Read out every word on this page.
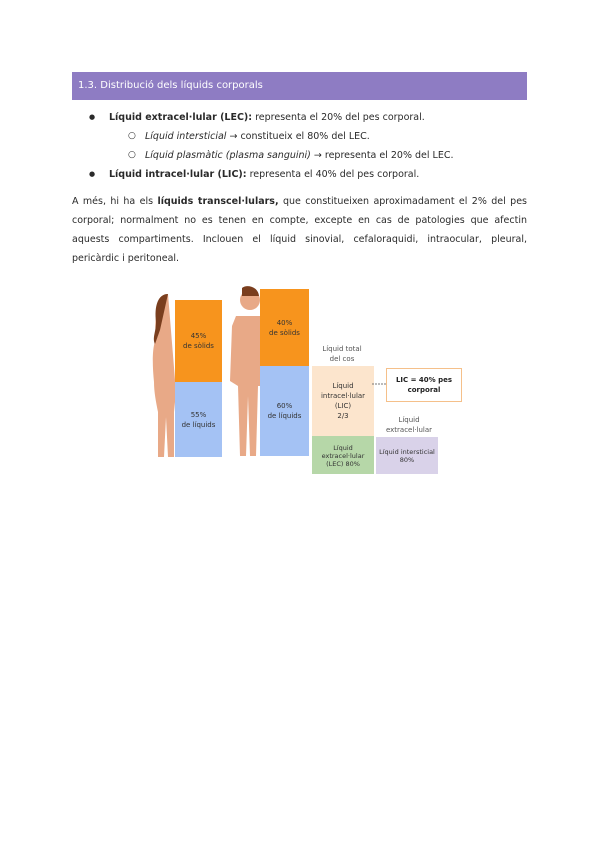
1.3. Distribució dels líquids corporals
● Líquid extracel·lular (LEC): representa el 20% del pes corporal.
○ Líquid intersticial → constitueix el 80% del LEC.
○ Líquid plasmàtic (plasma sanguini) → representa el 20% del LEC.
● Líquid intracel·lular (LIC): representa el 40% del pes corporal.
A més, hi ha els líquids transcel·lulars, que constitueixen aproximadament el 2% del pes corporal; normalment no es tenen en compte, excepte en cas de patologies que afectin aquests compartiments. Inclouen el líquid sinovial, cefaloraquidi, intraocular, pleural, pericàrdic i peritoneal.
45%
de sòlids
55%
de líquids
40%
de sòlids
60%
de líquids
Líquid total
del cos
Líquid
intracel·lular
(LIC)
2/3
LIC = 40% pes
corporal
Líquid
extracel·lular
Líquid extracel·lular (LEC) 80%
Líquid intersticial 80%
